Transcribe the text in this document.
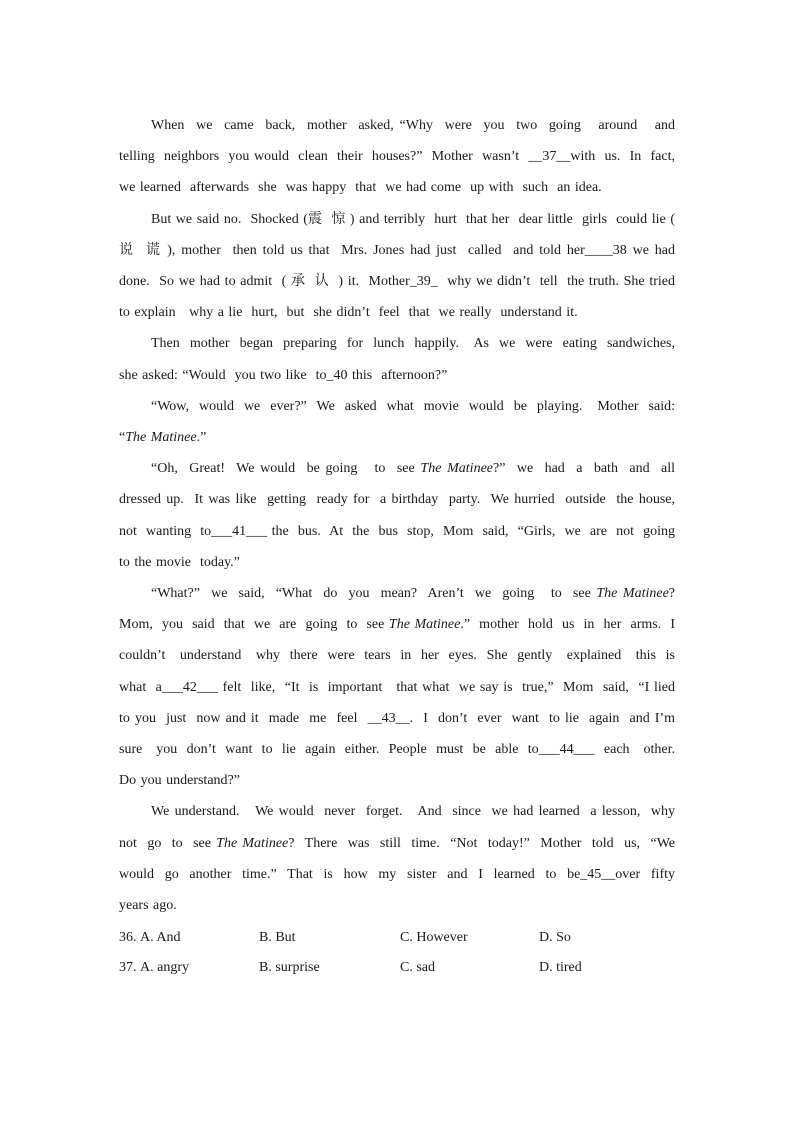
When  we  came  back,  mother  asked, “Why  were  you  two  going   around   and telling  neighbors  you would  clean  their  houses?”  Mother  wasn’t  __37__with  us.  In  fact, we learned  afterwards  she  was happy  that  we had come  up with  such  an idea.

But we said no.  Shocked (震  惊 ) and terribly  hurt  that her  dear little  girls  could lie ( 说  谎 ), mother  then told us that  Mrs. Jones had just  called  and told her____38 we had done.  So we had to admit  ( 承  认  ) it.  Mother_39_  why we didn’t  tell  the truth. She tried  to explain   why a lie  hurt,  but  she didn’t  feel  that  we really  understand it.

Then  mother  began  preparing  for  lunch  happily.   As  we  were  eating  sandwiches, she asked: “Would  you two like  to_40 this  afternoon?”

“Wow,  would  we  ever?”  We  asked  what  movie  would  be  playing.   Mother  said: “The Matinee.”

“Oh,  Great!  We would  be going   to  see The Matinee?”  we  had  a  bath  and  all dressed up.  It was like  getting  ready for  a birthday  party.  We hurried  outside  the house, not  wanting  to___41___ the  bus.  At  the  bus  stop,  Mom  said,  “Girls,  we  are  not  going to the movie  today.”

“What?”  we  said,  “What  do  you  mean?  Aren’t  we  going   to  see The Matinee? Mom,  you  said  that  we  are  going  to  see The Matinee.”  mother  hold  us  in  her  arms.  I couldn’t   understand   why  there  were  tears  in  her  eyes.  She  gently   explained   this  is what  a___42___ felt  like,  “It  is  important   that what  we say is  true,”  Mom  said,  “I lied to you  just  now and it  made  me  feel  __43__.  I  don’t  ever  want  to lie  again  and I’m sure   you  don’t  want  to  lie  again  either.  People  must  be  able  to___44___  each   other. Do you understand?”

We understand.   We would  never  forget.   And  since  we had learned  a lesson,  why not  go  to  see The Matinee?  There  was  still  time.  “Not  today!”  Mother  told  us,  “We would  go  another  time.”  That  is  how  my  sister  and  I  learned  to  be_45__over  fifty years ago.

36. A. And	B. But	C. However	D. So
37. A. angry	B. surprise	C. sad	D. tired
